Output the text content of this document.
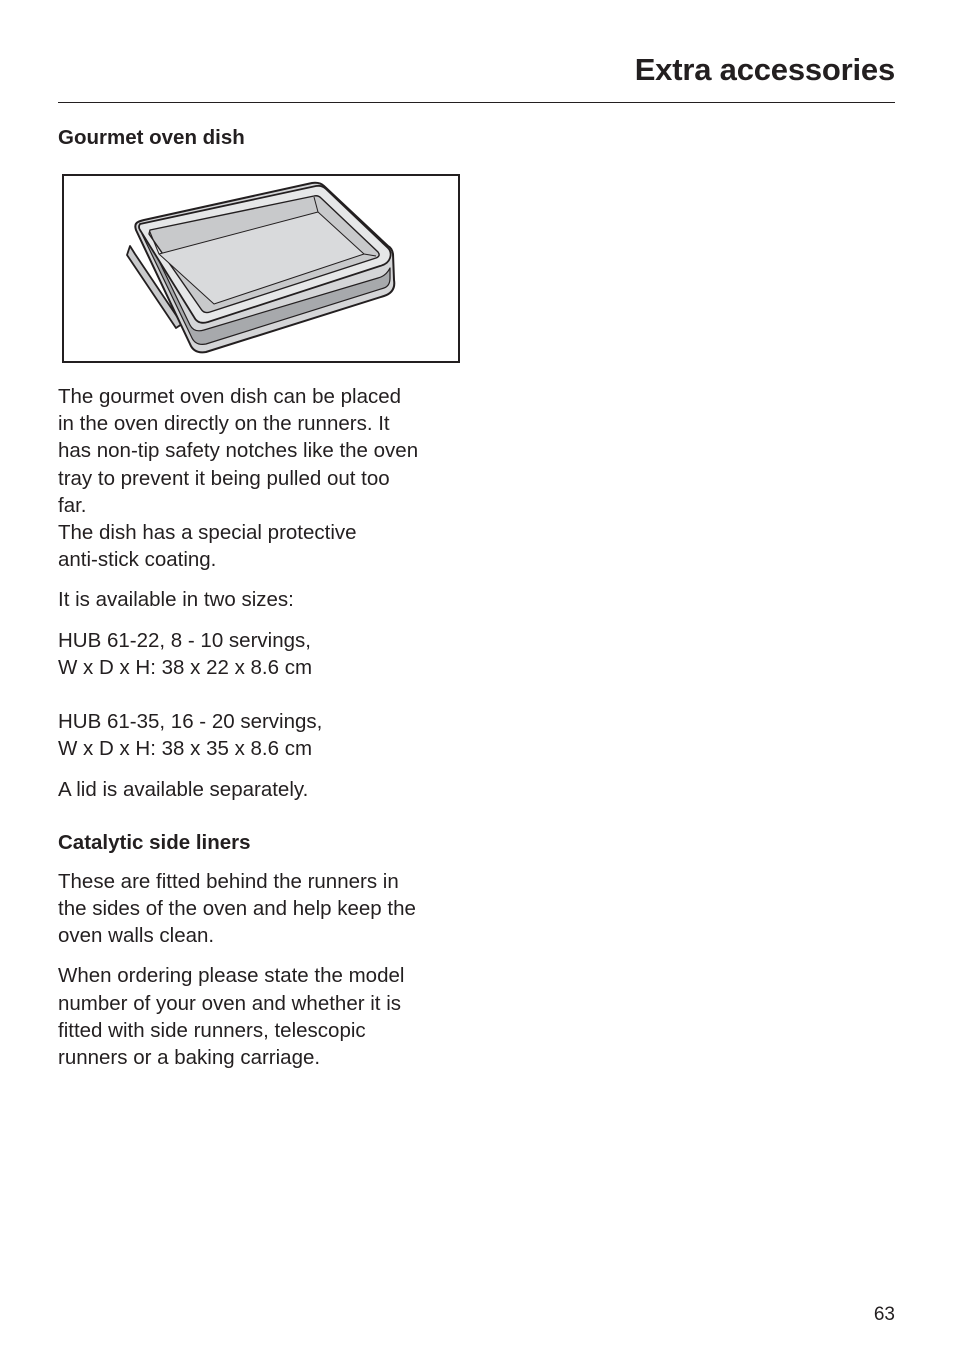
Extra accessories
Gourmet oven dish

The gourmet oven dish can be placed
in the oven directly on the runners. It
has non-tip safety notches like the oven
tray to prevent it being pulled out too
far.
The dish has a special protective
anti-stick coating.

It is available in two sizes:

HUB 61-22, 8 - 10 servings,
W x D x H: 38 x 22 x 8.6 cm

HUB 61-35, 16 - 20 servings,
W x D x H: 38 x 35 x 8.6 cm

A lid is available separately.

Catalytic side liners

These are fitted behind the runners in
the sides of the oven and help keep the
oven walls clean.

When ordering please state the model
number of your oven and whether it is
fitted with side runners, telescopic
runners or a baking carriage.

63
